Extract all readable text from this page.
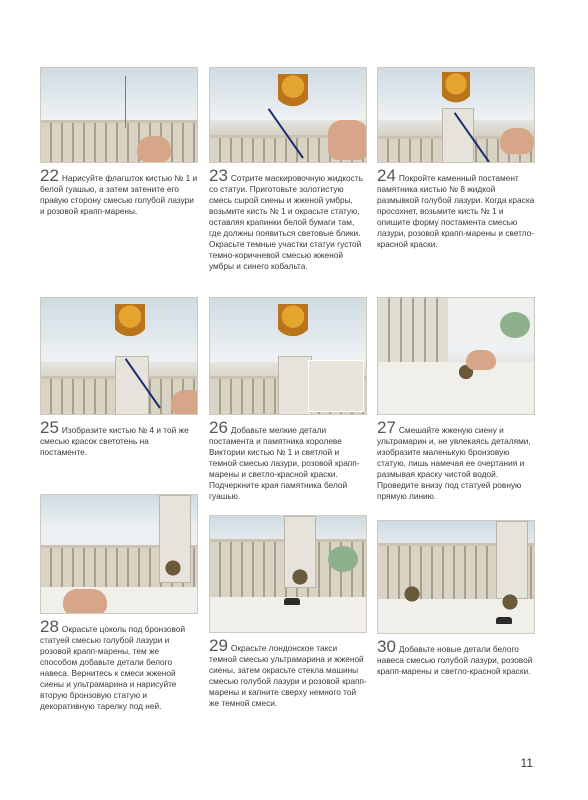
22 Нарисуйте флагшток кистью № 1 и белой гуашью, а затем затените его правую сторону смесью голубой лазури и розовой крапп-марены.
23 Сотрите маскировочную жидкость со статуи. Приготовьте золотистую смесь сырой сиены и жженой умбры, возьмите кисть № 1 и окрасьте статую, оставляя крапинки белой бумаги там, где должны появиться световые блики. Окрасьте темные участки статуи густой темно-коричневой смесью жженой умбры и синего кобальта.
24 Покройте каменный постамент памятника кистью № 8 жидкой размывкой голубой лазури. Когда краска просохнет, возьмите кисть № 1 и опишите форму постамента смесью лазури, розовой крапп-марены и светло-красной краски.
25 Изобразите кистью № 4 и той же смесью красок светотень на постаменте.
26 Добавьте мелкие детали постамента и памятника королеве Виктории кистью № 1 и светлой и темной смесью лазури, розовой крапп-марены и светло-красной краски. Подчеркните края памятника белой гуашью.
27 Смешайте жженую сиену и ультрамарин и, не увлекаясь деталями, изобразите маленькую бронзовую статую, лишь намечая ее очертания и размывая краску чистой водой. Проведите внизу под статуей ровную прямую линию.
28 Окрасьте цоколь под бронзовой статуей смесью голубой лазури и розовой крапп-марены, тем же способом добавьте детали белого навеса. Вернитесь к смеси жженой сиены и ультрамарина и нарисуйте вторую бронзовую статую и декоративную тарелку под ней.
29 Окрасьте лондонское такси темной смесью ультрамарина и жженой сиены, затем окрасьте стекла машины смесью голубой лазури и розовой крапп-марены и капните сверху немного той же темной смеси.
30 Добавьте новые детали белого навеса смесью голубой лазури, розовой крапп-марены и светло-красной краски.
11
